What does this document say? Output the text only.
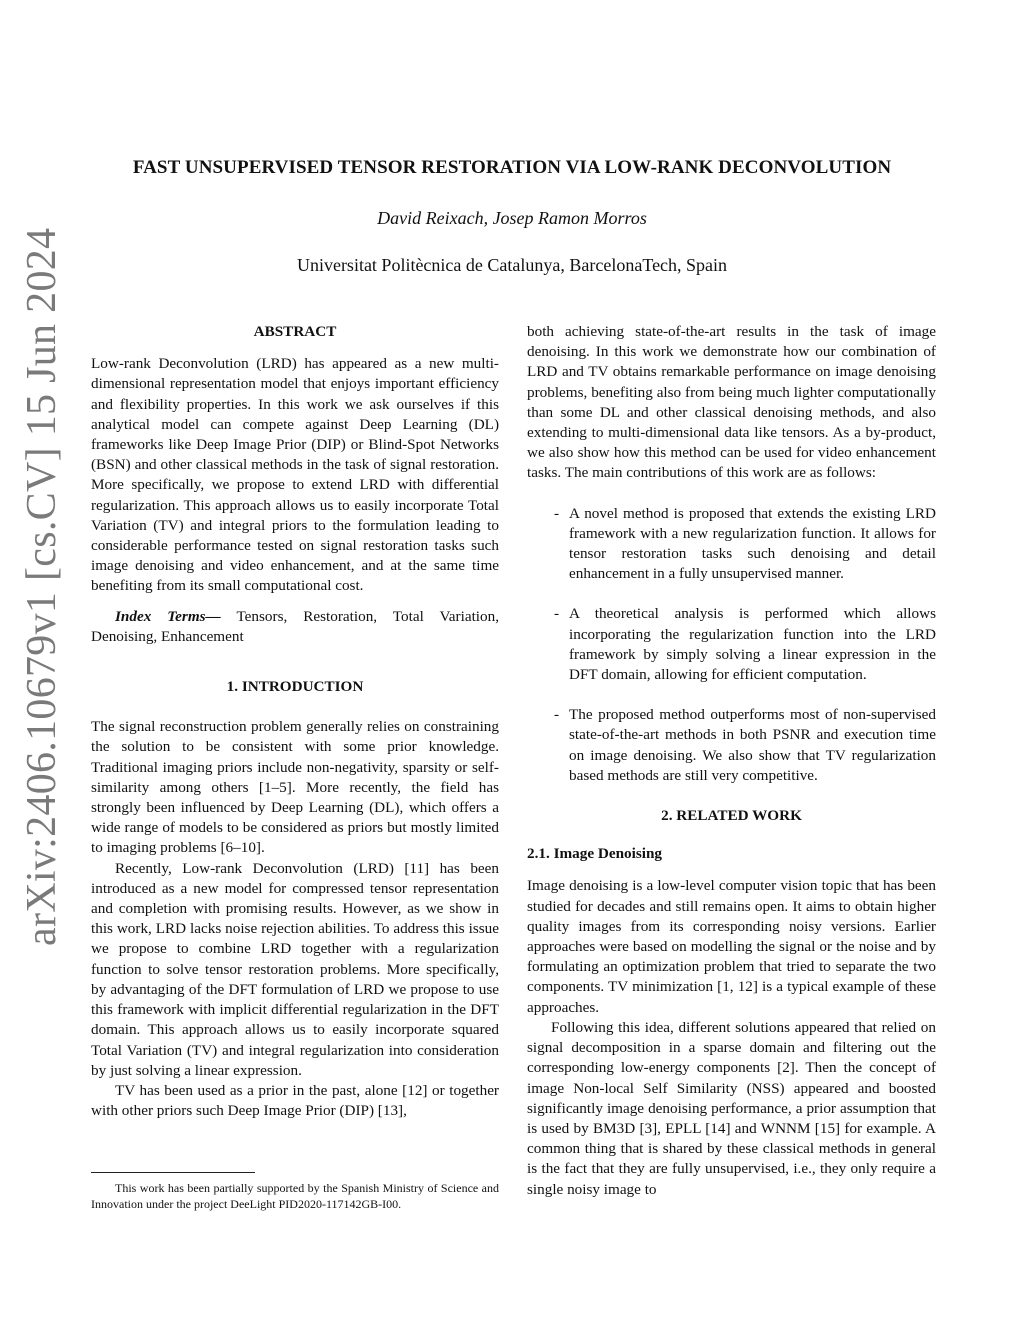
arXiv:2406.10679v1 [cs.CV] 15 Jun 2024
FAST UNSUPERVISED TENSOR RESTORATION VIA LOW-RANK DECONVOLUTION
David Reixach, Josep Ramon Morros
Universitat Politècnica de Catalunya, BarcelonaTech, Spain
ABSTRACT

Low-rank Deconvolution (LRD) has appeared as a new multi-dimensional representation model that enjoys important efficiency and flexibility properties. In this work we ask ourselves if this analytical model can compete against Deep Learning (DL) frameworks like Deep Image Prior (DIP) or Blind-Spot Networks (BSN) and other classical methods in the task of signal restoration. More specifically, we propose to extend LRD with differential regularization. This approach allows us to easily incorporate Total Variation (TV) and integral priors to the formulation leading to considerable performance tested on signal restoration tasks such image denoising and video enhancement, and at the same time benefiting from its small computational cost.

Index Terms— Tensors, Restoration, Total Variation, Denoising, Enhancement

1. INTRODUCTION

The signal reconstruction problem generally relies on constraining the solution to be consistent with some prior knowledge. Traditional imaging priors include non-negativity, sparsity or self-similarity among others [1–5]. More recently, the field has strongly been influenced by Deep Learning (DL), which offers a wide range of models to be considered as priors but mostly limited to imaging problems [6–10].

Recently, Low-rank Deconvolution (LRD) [11] has been introduced as a new model for compressed tensor representation and completion with promising results. However, as we show in this work, LRD lacks noise rejection abilities. To address this issue we propose to combine LRD together with a regularization function to solve tensor restoration problems. More specifically, by advantaging of the DFT formulation of LRD we propose to use this framework with implicit differential regularization in the DFT domain. This approach allows us to easily incorporate squared Total Variation (TV) and integral regularization into consideration by just solving a linear expression.

TV has been used as a prior in the past, alone [12] or together with other priors such Deep Image Prior (DIP) [13],

This work has been partially supported by the Spanish Ministry of Science and Innovation under the project DeeLight PID2020-117142GB-I00.

both achieving state-of-the-art results in the task of image denoising. In this work we demonstrate how our combination of LRD and TV obtains remarkable performance on image denoising problems, benefiting also from being much lighter computationally than some DL and other classical denoising methods, and also extending to multi-dimensional data like tensors. As a by-product, we also show how this method can be used for video enhancement tasks. The main contributions of this work are as follows:

- A novel method is proposed that extends the existing LRD framework with a new regularization function. It allows for tensor restoration tasks such denoising and detail enhancement in a fully unsupervised manner.
- A theoretical analysis is performed which allows incorporating the regularization function into the LRD framework by simply solving a linear expression in the DFT domain, allowing for efficient computation.
- The proposed method outperforms most of non-supervised state-of-the-art methods in both PSNR and execution time on image denoising. We also show that TV regularization based methods are still very competitive.
2. RELATED WORK
2.1. Image Denoising

Image denoising is a low-level computer vision topic that has been studied for decades and still remains open. It aims to obtain higher quality images from its corresponding noisy versions. Earlier approaches were based on modelling the signal or the noise and by formulating an optimization problem that tried to separate the two components. TV minimization [1, 12] is a typical example of these approaches.

Following this idea, different solutions appeared that relied on signal decomposition in a sparse domain and filtering out the corresponding low-energy components [2]. Then the concept of image Non-local Self Similarity (NSS) appeared and boosted significantly image denoising performance, a prior assumption that is used by BM3D [3], EPLL [14] and WNNM [15] for example. A common thing that is shared by these classical methods in general is the fact that they are fully unsupervised, i.e., they only require a single noisy image to
